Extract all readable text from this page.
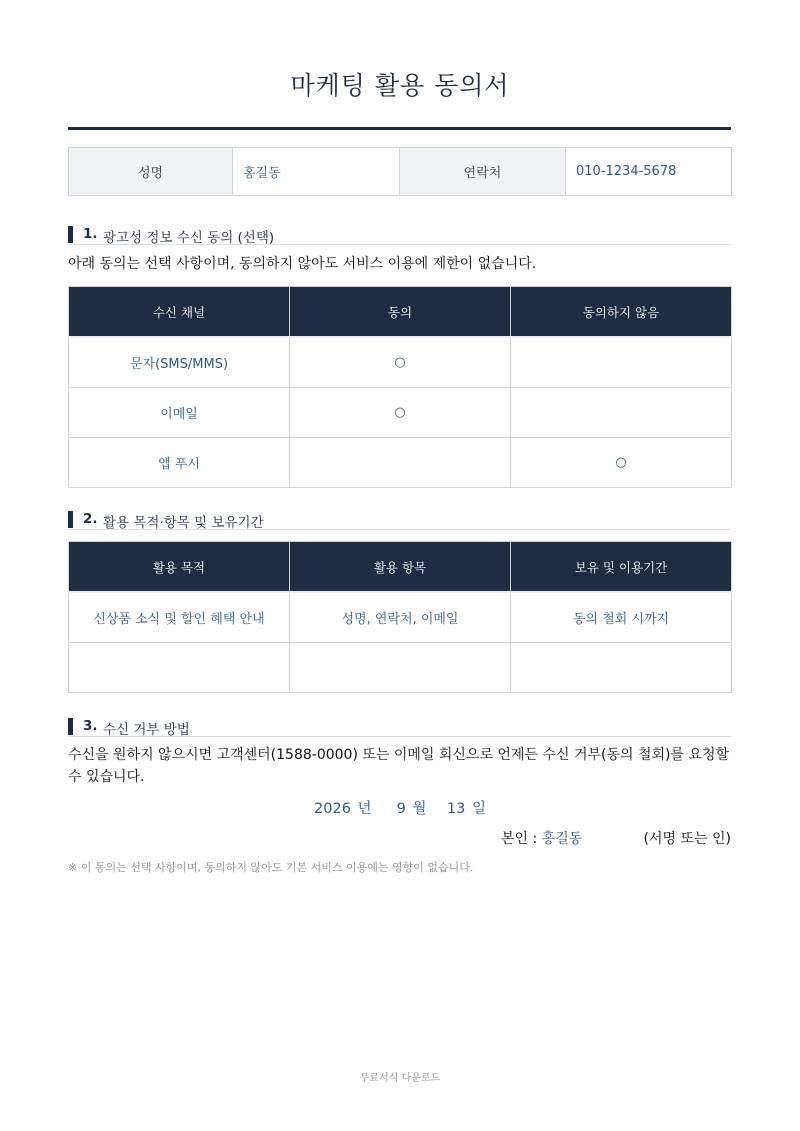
마케팅 활용 동의서
성명	홍길동	연락처	010-1234-5678
1. 광고성 정보 수신 동의 (선택)
아래 동의는 선택 사항이며, 동의하지 않아도 서비스 이용에 제한이 없습니다.
수신 채널	동의	동의하지 않음
문자(SMS/MMS)	○	
이메일	○	
앱 푸시		○
2. 활용 목적·항목 및 보유기간
활용 목적	활용 항목	보유 및 이용기간
신상품 소식 및 할인 혜택 안내	성명, 연락처, 이메일	동의 철회 시까지

3. 수신 거부 방법
수신을 원하지 않으시면 고객센터(1588-0000) 또는 이메일 회신으로 언제든 수신 거부(동의 철회)를 요청할 수 있습니다.
2026 년 9 월 13 일
본인 : 홍길동	(서명 또는 인)
※ 이 동의는 선택 사항이며, 동의하지 않아도 기본 서비스 이용에는 영향이 없습니다.
무료서식 다운로드
